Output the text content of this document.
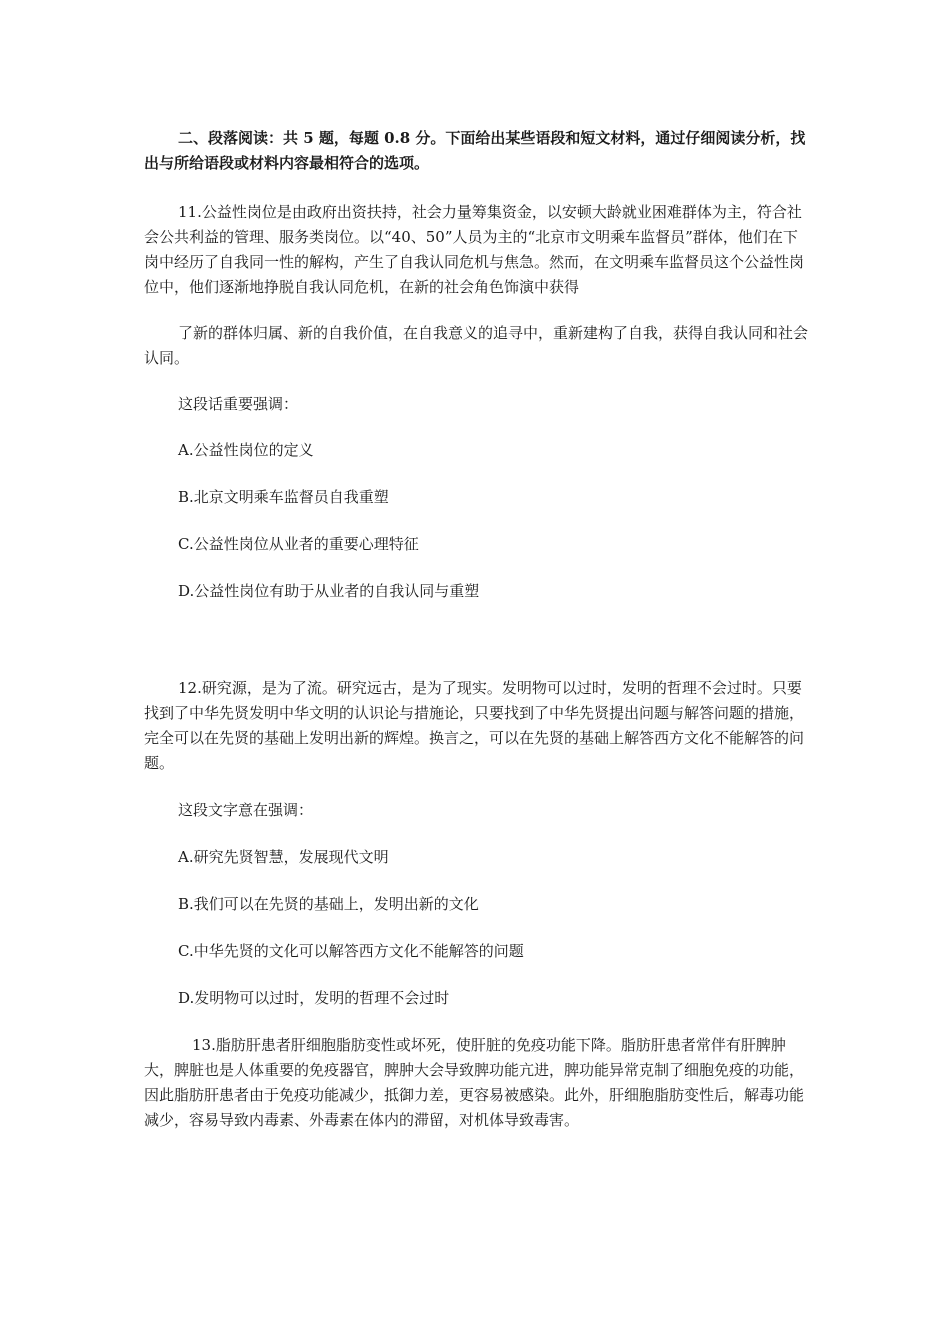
二、段落阅读：共 5 题，每题 0.8 分。下面给出某些语段和短文材料，通过仔细阅读分析，找出与所给语段或材料内容最相符合的选项。

11.公益性岗位是由政府出资扶持，社会力量筹集资金，以安顿大龄就业困难群体为主，符合社会公共利益的管理、服务类岗位。以“40、50”人员为主的“北京市文明乘车监督员”群体，他们在下岗中经历了自我同一性的解构，产生了自我认同危机与焦急。然而，在文明乘车监督员这个公益性岗位中，他们逐渐地挣脱自我认同危机，在新的社会角色饰演中获得

了新的群体归属、新的自我价值，在自我意义的追寻中，重新建构了自我，获得自我认同和社会认同。

这段话重要强调：

A.公益性岗位的定义

B.北京文明乘车监督员自我重塑

C.公益性岗位从业者的重要心理特征

D.公益性岗位有助于从业者的自我认同与重塑

12.研究源，是为了流。研究远古，是为了现实。发明物可以过时，发明的哲理不会过时。只要找到了中华先贤发明中华文明的认识论与措施论，只要找到了中华先贤提出问题与解答问题的措施，完全可以在先贤的基础上发明出新的辉煌。换言之，可以在先贤的基础上解答西方文化不能解答的问题。

这段文字意在强调：

A.研究先贤智慧，发展现代文明

B.我们可以在先贤的基础上，发明出新的文化

C.中华先贤的文化可以解答西方文化不能解答的问题

D.发明物可以过时，发明的哲理不会过时

13.脂肪肝患者肝细胞脂肪变性或坏死，使肝脏的免疫功能下降。脂肪肝患者常伴有肝脾肿大，脾脏也是人体重要的免疫器官，脾肿大会导致脾功能亢进，脾功能异常克制了细胞免疫的功能，因此脂肪肝患者由于免疫功能减少，抵御力差，更容易被感染。此外，肝细胞脂肪变性后，解毒功能减少，容易导致内毒素、外毒素在体内的滞留，对机体导致毒害。
